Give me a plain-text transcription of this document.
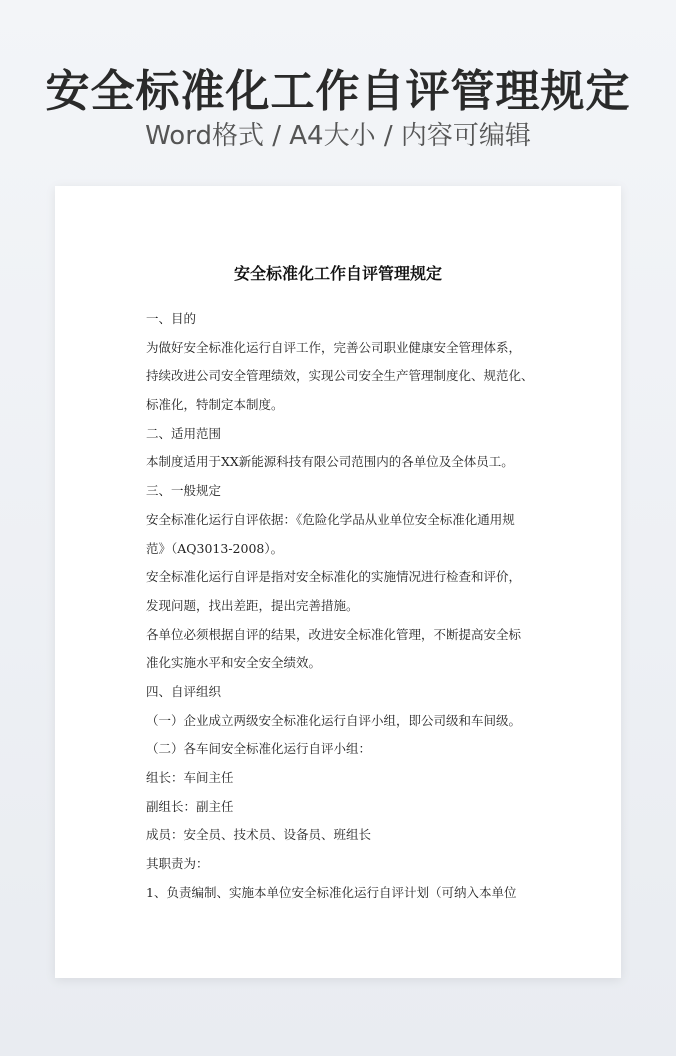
安全标准化工作自评管理规定
Word格式 / A4大小 / 内容可编辑
安全标准化工作自评管理规定
一、目的
为做好安全标准化运行自评工作，完善公司职业健康安全管理体系，
持续改进公司安全管理绩效，实现公司安全生产管理制度化、规范化、
标准化，特制定本制度。
二、适用范围
本制度适用于XX新能源科技有限公司范围内的各单位及全体员工。
三、一般规定
安全标准化运行自评依据：《危险化学品从业单位安全标准化通用规
范》（AQ3013-2008）。
安全标准化运行自评是指对安全标准化的实施情况进行检查和评价，
发现问题，找出差距，提出完善措施。
各单位必须根据自评的结果，改进安全标准化管理，不断提高安全标
准化实施水平和安全安全绩效。
四、自评组织
（一）企业成立两级安全标准化运行自评小组，即公司级和车间级。
（二）各车间安全标准化运行自评小组：
组长：车间主任
副组长：副主任
成员：安全员、技术员、设备员、班组长
其职责为：
1、负责编制、实施本单位安全标准化运行自评计划（可纳入本单位
